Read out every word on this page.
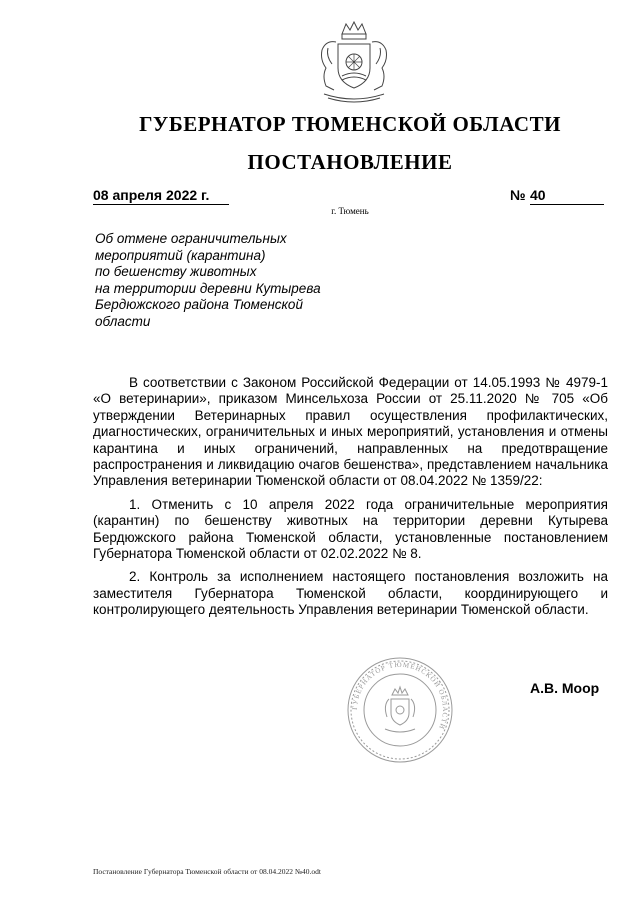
ГУБЕРНАТОР ТЮМЕНСКОЙ ОБЛАСТИ
ПОСТАНОВЛЕНИЕ
08 апреля 2022 г.	№ 40
г. Тюмень
Об отмене ограничительных
мероприятий (карантина)
по бешенству животных
на территории деревни Кутырева
Бердюжского района Тюменской
области

В соответствии с Законом Российской Федерации от 14.05.1993 № 4979-1 «О ветеринарии», приказом Минсельхоза России от 25.11.2020 № 705 «Об утверждении Ветеринарных правил осуществления профилактических, диагностических, ограничительных и иных мероприятий, установления и отмены карантина и иных ограничений, направленных на предотвращение распространения и ликвидацию очагов бешенства», представлением начальника Управления ветеринарии Тюменской области от 08.04.2022 № 1359/22:

1. Отменить с 10 апреля 2022 года ограничительные мероприятия (карантин) по бешенству животных на территории деревни Кутырева Бердюжского района Тюменской области, установленные постановлением Губернатора Тюменской области от 02.02.2022 № 8.

2. Контроль за исполнением настоящего постановления возложить на заместителя Губернатора Тюменской области, координирующего и контролирующего деятельность Управления ветеринарии Тюменской области.

ГУБЕРНАТОР ТЮМЕНСКОЙ ОБЛАСТИ
А.В. Моор
Постановление Губернатора Тюменской области от 08.04.2022 №40.odt
